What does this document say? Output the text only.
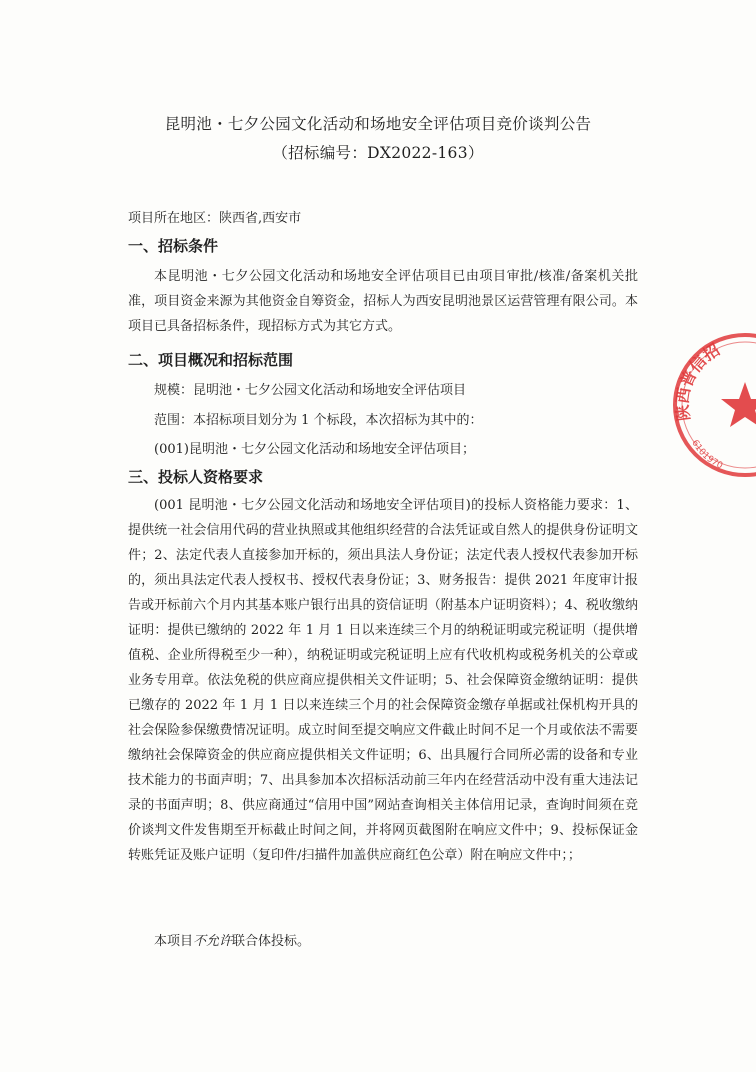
昆明池・七夕公园文化活动和场地安全评估项目竞价谈判公告
（招标编号：DX2022-163）
项目所在地区：陕西省,西安市
一、招标条件

本昆明池・七夕公园文化活动和场地安全评估项目已由项目审批/核准/备案机关批准，项目资金来源为其他资金自筹资金，招标人为西安昆明池景区运营管理有限公司。本项目已具备招标条件，现招标方式为其它方式。

二、项目概况和招标范围
规模：昆明池・七夕公园文化活动和场地安全评估项目
范围：本招标项目划分为 1 个标段，本次招标为其中的：
(001)昆明池・七夕公园文化活动和场地安全评估项目；
三、投标人资格要求

(001 昆明池・七夕公园文化活动和场地安全评估项目)的投标人资格能力要求：1、提供统一社会信用代码的营业执照或其他组织经营的合法凭证或自然人的提供身份证明文件；2、法定代表人直接参加开标的，须出具法人身份证；法定代表人授权代表参加开标的，须出具法定代表人授权书、授权代表身份证；3、财务报告：提供 2021 年度审计报告或开标前六个月内其基本账户银行出具的资信证明（附基本户证明资料）；4、税收缴纳证明：提供已缴纳的 2022 年 1 月 1 日以来连续三个月的纳税证明或完税证明（提供增值税、企业所得税至少一种），纳税证明或完税证明上应有代收机构或税务机关的公章或业务专用章。依法免税的供应商应提供相关文件证明；5、社会保障资金缴纳证明：提供已缴存的 2022 年 1 月 1 日以来连续三个月的社会保障资金缴存单据或社保机构开具的社会保险参保缴费情况证明。成立时间至提交响应文件截止时间不足一个月或依法不需要缴纳社会保障资金的供应商应提供相关文件证明；6、出具履行合同所必需的设备和专业技术能力的书面声明；7、出具参加本次招标活动前三年内在经营活动中没有重大违法记录的书面声明；8、供应商通过“信用中国”网站查询相关主体信用记录，查询时间须在竞价谈判文件发售期至开标截止时间之间，并将网页截图附在响应文件中；9、投标保证金转账凭证及账户证明（复印件/扫描件加盖供应商红色公章）附在响应文件中；；

本项目不允许联合体投标。
陕西普信招
6101970
